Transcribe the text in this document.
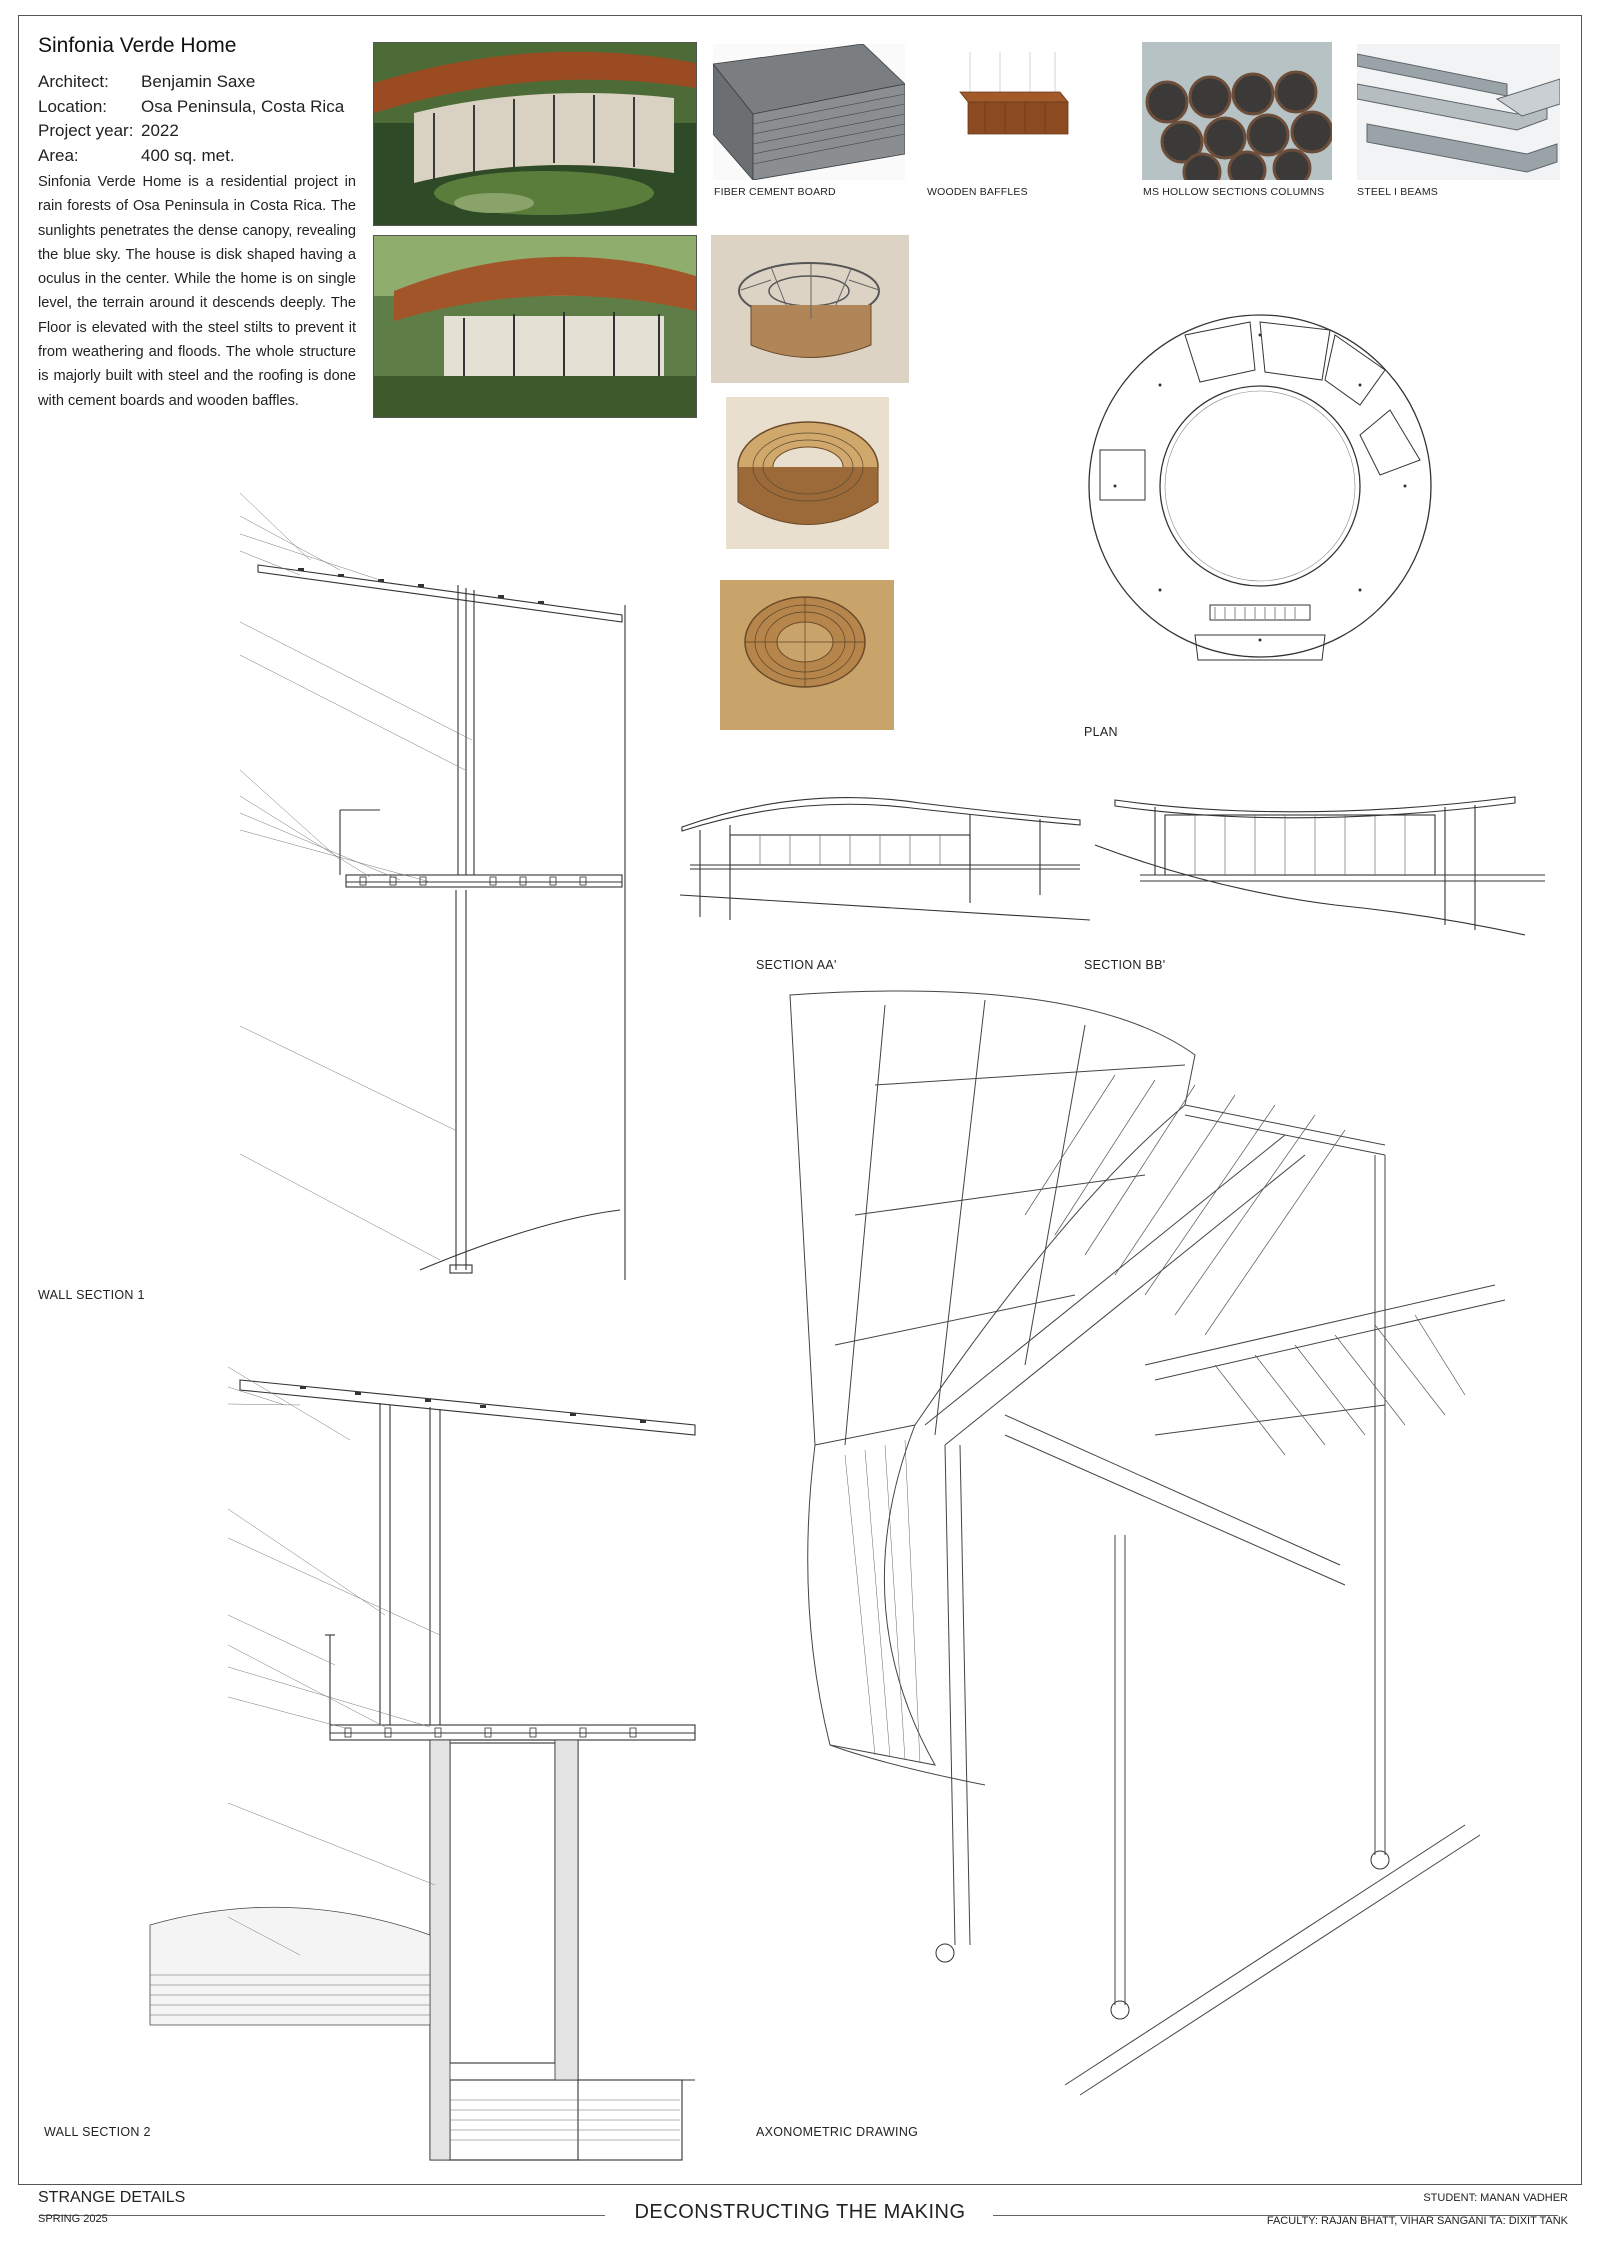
Sinfonia Verde Home
Architect:	Benjamin Saxe
Location:	Osa Peninsula, Costa Rica
Project year: 2022
Area:	400 sq. met.
Sinfonia Verde Home is a residential project in rain forests of Osa Peninsula in Costa Rica. The sunlights penetrates the dense canopy, revealing the blue sky. The house is disk shaped having a oculus in the center. While the home is on single level, the terrain around it descends deeply. The Floor is elevated with the steel stilts to prevent it from weathering and floods. The whole structure is majorly built with steel and the roofing is done with cement boards and wooden baffles.
FIBER CEMENT BOARD	WOODEN BAFFLES	MS HOLLOW SECTIONS COLUMNS	STEEL I BEAMS
PLAN
SECTION AA'	SECTION BB'
AXONOMETRIC DRAWING
WALL SECTION 1
WALL SECTION 2
STRANGE DETAILS
SPRING 2025	DECONSTRUCTING THE MAKING
STUDENT: MANAN VADHER
FACULTY: RAJAN BHATT, VIHAR SANGANI TA: DIXIT TANK
